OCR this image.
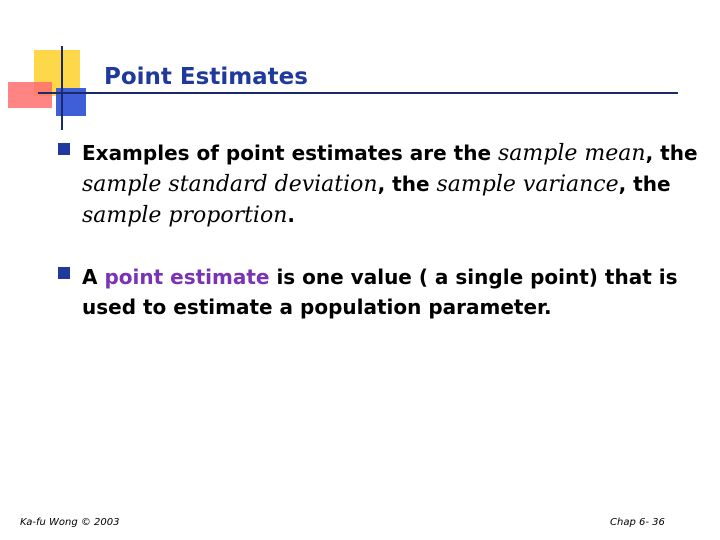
Point Estimates
Examples of point estimates are the sample mean, the sample standard deviation, the sample variance, the sample proportion.
A point estimate is one value ( a single point) that is used to estimate a population parameter.
Ka-fu Wong © 2003	Chap 6- 36
